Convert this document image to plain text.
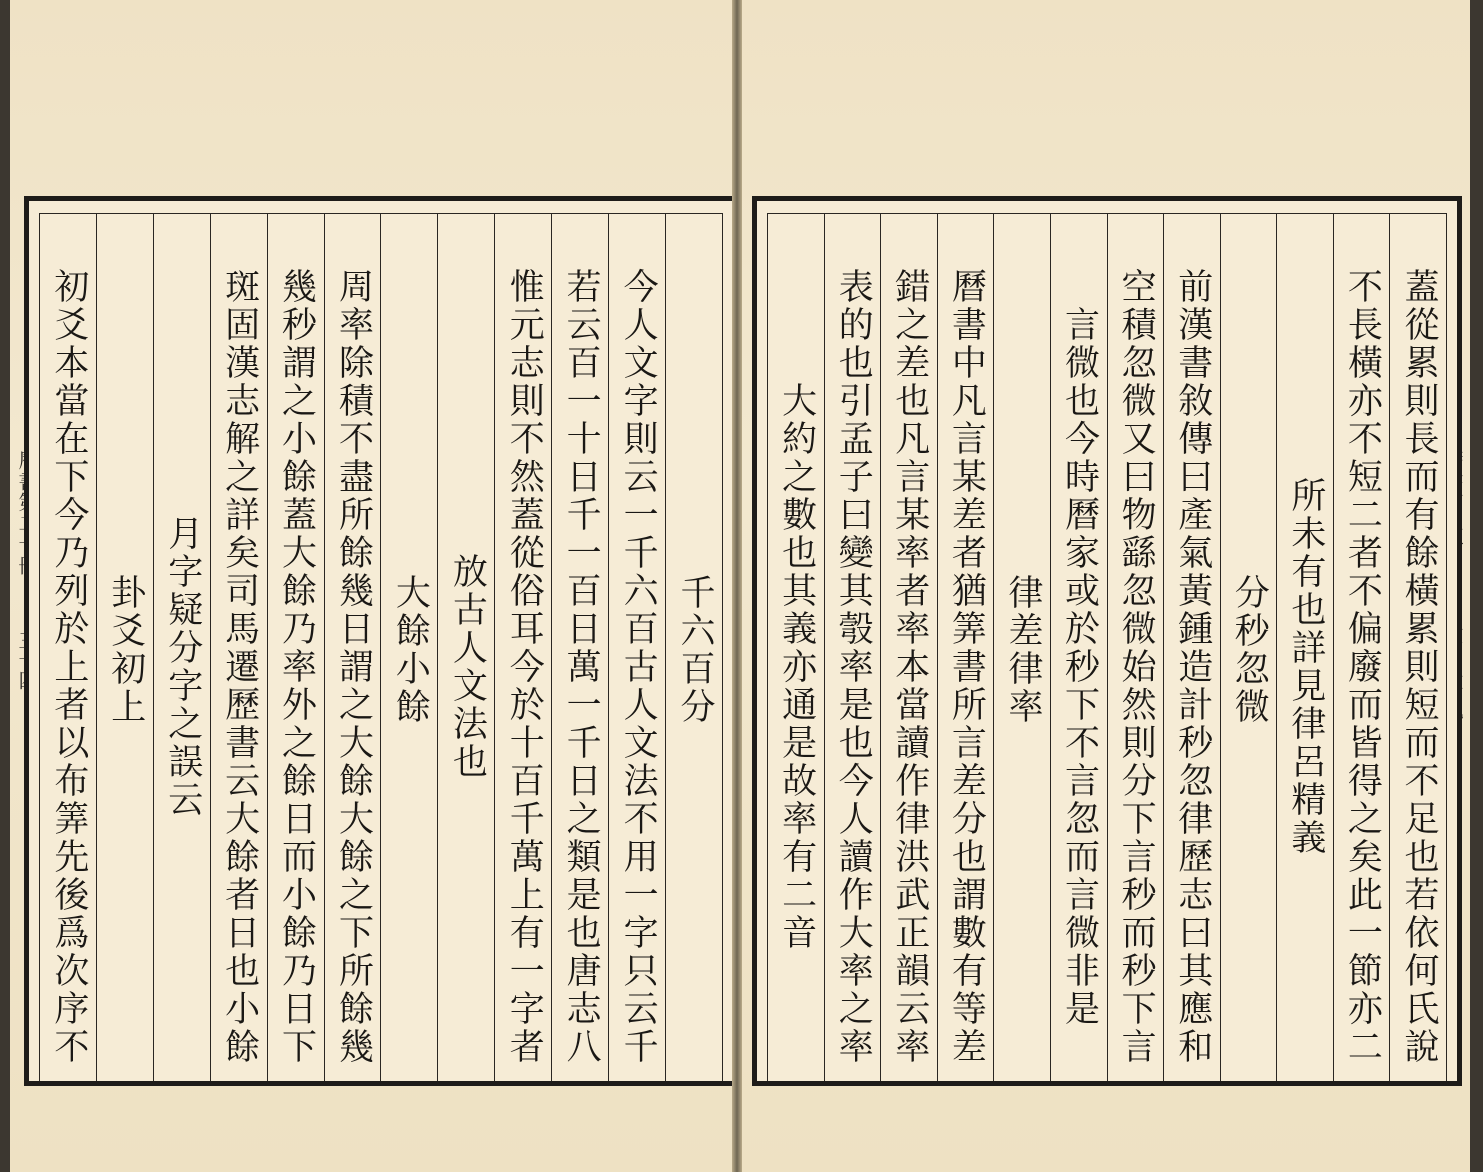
千六百分
今人文字則云一千六百古人文法不用一字只云千
若云百一十日千一百日萬一千日之類是也唐志八
惟元志則不然蓋從俗耳今於十百千萬上有一字者
放古人文法也
大餘小餘
周率除積不盡所餘幾日謂之大餘大餘之下所餘幾
幾秒謂之小餘蓋大餘乃率外之餘日而小餘乃日下
斑固漢志解之詳矣司馬遷歷書云大餘者日也小餘
月字疑分字之誤云
卦爻初上
初爻本當在下今乃列於上者以布筭先後爲次序不
蓋從累則長而有餘橫累則短而不足也若依何氏說
不長橫亦不短二者不偏廢而皆得之矣此一節亦二
所未有也詳見律呂精義
分秒忽微
前漢書敘傳曰產氣黃鍾造計秒忽律歷志曰其應和
空積忽微又曰物繇忽微始然則分下言秒而秒下言
言微也今時曆家或於秒下不言忽而言微非是
律差律率
曆書中凡言某差者猶筭書所言差分也謂數有等差
錯之差也凡言某率者率本當讀作律洪武正韻云率
表的也引孟子曰變其彀率是也今人讀作大率之率
大約之數也其義亦通是故率有二音
